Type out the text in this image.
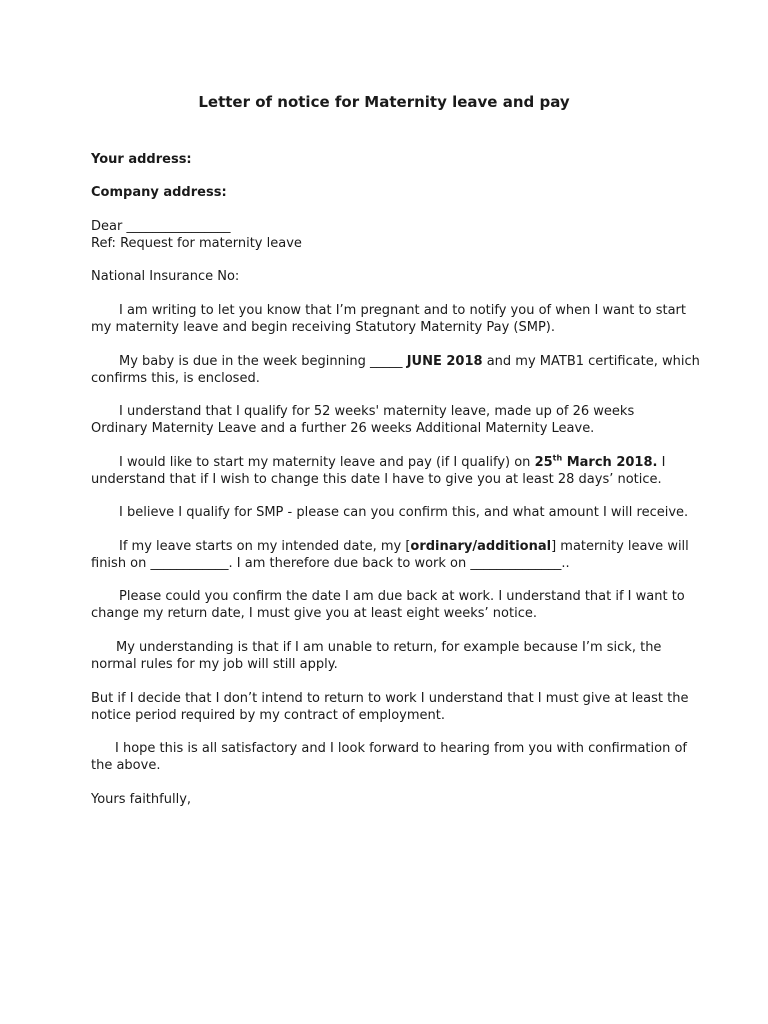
Letter of notice for Maternity leave and pay
Your address:
Company address:
Dear ________________
Ref: Request for maternity leave
National Insurance No:
I am writing to let you know that I’m pregnant and to notify you of when I want to start
my maternity leave and begin receiving Statutory Maternity Pay (SMP).
My baby is due in the week beginning _____ JUNE 2018 and my MATB1 certificate, which
confirms this, is enclosed.
I understand that I qualify for 52 weeks' maternity leave, made up of 26 weeks
Ordinary Maternity Leave and a further 26 weeks Additional Maternity Leave.
I would like to start my maternity leave and pay (if I qualify) on 25th March 2018. I
understand that if I wish to change this date I have to give you at least 28 days’ notice.
I believe I qualify for SMP - please can you confirm this, and what amount I will receive.
If my leave starts on my intended date, my [ordinary/additional] maternity leave will
finish on ____________. I am therefore due back to work on ______________..
Please could you confirm the date I am due back at work. I understand that if I want to
change my return date, I must give you at least eight weeks’ notice.
My understanding is that if I am unable to return, for example because I’m sick, the
normal rules for my job will still apply.
But if I decide that I don’t intend to return to work I understand that I must give at least the
notice period required by my contract of employment.
I hope this is all satisfactory and I look forward to hearing from you with confirmation of
the above.
Yours faithfully,
